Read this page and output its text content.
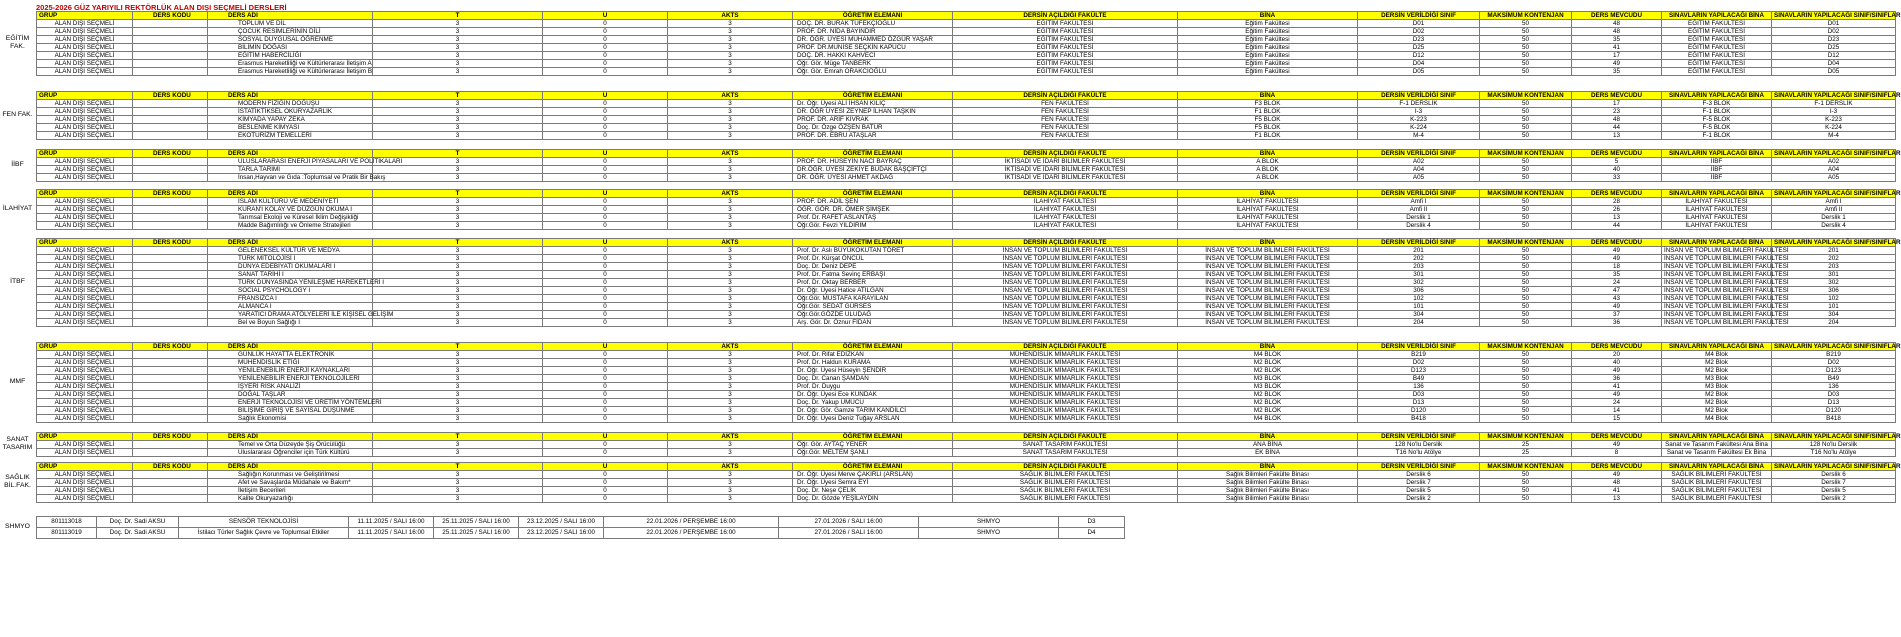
2025-2026 GÜZ YARIYILI REKTÖRLÜK ALAN DIŞI SEÇMELİ DERSLERİ
EĞİTİM FAK.
GRUP	DERS KODU	DERS ADI	T	U	AKTS	ÖĞRETİM ELEMANI	DERSİN AÇILDIĞI FAKÜLTE	BİNA	DERSİN VERİLDİĞİ SINIF	MAKSİMUM KONTENJAN	DERS MEVCUDU	SINAVLARIN YAPILACAĞI BİNA	SINAVLARIN YAPILACAĞI SINIF/SINIFLAR
ALAN DIŞI SEÇMELİ		TOPLUM VE DİL	3	0	3	DOÇ. DR. BURAK TÜFEKÇİOĞLU	EĞİTİM FAKÜLTESİ	Eğitim Fakültesi	D01	50	48	EĞİTİM FAKÜLTESİ	D01
ALAN DIŞI SEÇMELİ		ÇOCUK RESİMLERİNİN DİLİ	3	0	3	PROF. DR. NİDA BAYINDIR	EĞİTİM FAKÜLTESİ	Eğitim Fakültesi	D02	50	48	EĞİTİM FAKÜLTESİ	D02
ALAN DIŞI SEÇMELİ		SOSYAL DUYGUSAL ÖĞRENME	3	0	3	DR. ÖĞR. ÜYESİ MUHAMMED ÖZGÜR YAŞAR	EĞİTİM FAKÜLTESİ	Eğitim Fakültesi	D23	50	35	EĞİTİM FAKÜLTESİ	D23
ALAN DIŞI SEÇMELİ		BİLİMİN DOĞASI	3	0	3	PROF. DR.MUNİSE SEÇKİN KAPUCU	EĞİTİM FAKÜLTESİ	Eğitim Fakültesi	D25	50	41	EĞİTİM FAKÜLTESİ	D25
ALAN DIŞI SEÇMELİ		EĞİTİM HABERCİLİĞİ	3	0	3	DOÇ. DR. HAKKI KAHVECİ	EĞİTİM FAKÜLTESİ	Eğitim Fakültesi	D12	50	17	EĞİTİM FAKÜLTESİ	D12
ALAN DIŞI SEÇMELİ		Erasmus Hareketliliği ve Kültürlerarası İletişim A	3	0	3	Öğr. Gör. Müge TANBERK	EĞİTİM FAKÜLTESİ	Eğitim Fakültesi	D04	50	49	EĞİTİM FAKÜLTESİ	D04
ALAN DIŞI SEÇMELİ		Erasmus Hareketliliği ve Kültürlerarası İletişim B	3	0	3	Öğr. Gör. Emrah ORAKCIOĞLU	EĞİTİM FAKÜLTESİ	Eğitim Fakültesi	D05	50	35	EĞİTİM FAKÜLTESİ	D05
FEN FAK.
GRUP	DERS KODU	DERS ADI	T	U	AKTS	ÖĞRETİM ELEMANI	DERSİN AÇILDIĞI FAKÜLTE	BİNA	DERSİN VERİLDİĞİ SINIF	MAKSİMUM KONTENJAN	DERS MEVCUDU	SINAVLARIN YAPILACAĞI BİNA	SINAVLARIN YAPILACAĞI SINIF/SINIFLAR
ALAN DIŞI SEÇMELİ		MODERN FİZİĞİN DOĞUŞU	3	0	3	Dr. Öğr. Üyesi ALİ İHSAN KILIÇ	FEN FAKÜLTESİ	F3 BLOK	F-1 DERSLİK	50	17	F-3 BLOK	F-1 DERSLİK
ALAN DIŞI SEÇMELİ		İSTATİKTİKSEL OKURYAZARLIK	3	0	3	DR. ÖĞR ÜYESİ ZEYNEP İLHAN TAŞKIN	FEN FAKÜLTESİ	F1 BLOK	I-3	50	23	F-1 BLOK	I-3
ALAN DIŞI SEÇMELİ		KİMYADA YAPAY ZEKA	3	0	3	PROF. DR. ARİF KIVRAK	FEN FAKÜLTESİ	F5 BLOK	K-223	50	48	F-5 BLOK	K-223
ALAN DIŞI SEÇMELİ		BESLENME KİMYASI	3	0	3	Doç. Dr. Özge ÖZŞEN BATUR	FEN FAKÜLTESİ	F5 BLOK	K-224	50	44	F-5 BLOK	K-224
ALAN DIŞI SEÇMELİ		EKOTURİZM TEMELLERİ	3	0	3	PROF. DR. EBRU ATAŞLAR	FEN FAKÜLTESİ	F1 BLOK	M-4	50	13	F-1 BLOK	M-4
İİBF
GRUP	DERS KODU	DERS ADI	T	U	AKTS	ÖĞRETİM ELEMANI	DERSİN AÇILDIĞI FAKÜLTE	BİNA	DERSİN VERİLDİĞİ SINIF	MAKSİMUM KONTENJAN	DERS MEVCUDU	SINAVLARIN YAPILACAĞI BİNA	SINAVLARIN YAPILACAĞI SINIF/SINIFLAR
ALAN DIŞI SEÇMELİ		ULUSLARARASI ENERJİ PİYASALARI VE POLİTİKALARI	3	0	3	PROF. DR. HÜSEYİN NACİ BAYRAÇ	İKTİSADİ VE İDARİ BİLİMLER FAKÜLTESİ	A BLOK	A02	50	5	İİBF	A02
ALAN DIŞI SEÇMELİ		TARLA TARIMI	3	0	3	DR.ÖĞR. ÜYESİ ZEKİYE BUDAK BAŞÇİFTÇİ	İKTİSADİ VE İDARİ BİLİMLER FAKÜLTESİ	A BLOK	A04	50	40	İİBF	A04
ALAN DIŞI SEÇMELİ		İnsan,Hayvan ve Gıda :Toplumsal ve Pratik Bir Bakış	3	0	3	DR. ÖĞR. ÜYESİ AHMET AKDAĞ	İKTİSADİ VE İDARİ BİLİMLER FAKÜLTESİ	A BLOK	A05	50	33	İİBF	A05
İLAHİYAT
GRUP	DERS KODU	DERS ADI	T	U	AKTS	ÖĞRETİM ELEMANI	DERSİN AÇILDIĞI FAKÜLTE	BİNA	DERSİN VERİLDİĞİ SINIF	MAKSİMUM KONTENJAN	DERS MEVCUDU	SINAVLARIN YAPILACAĞI BİNA	SINAVLARIN YAPILACAĞI SINIF/SINIFLAR
ALAN DIŞI SEÇMELİ		İSLAM KÜLTÜRÜ VE MEDENİYETİ	3	0	3	PROF. DR. ADİL ŞEN	İLAHİYAT FAKÜLTESİ	İLAHİYAT FAKÜLTESİ	Amfi I	50	28	İLAHİYAT FAKÜLTESİ	Amfi I
ALAN DIŞI SEÇMELİ		KURAN'I KOLAY VE DÜZGÜN OKUMA I	3	0	3	ÖĞR. GÖR. DR. ÖMER ŞİMŞEK	İLAHİYAT FAKÜLTESİ	İLAHİYAT FAKÜLTESİ	Amfi II	50	26	İLAHİYAT FAKÜLTESİ	Amfi II
ALAN DIŞI SEÇMELİ		Tarımsal Ekoloji ve Küresel İklim Değişikliği	3	0	3	Prof. Dr. RAFET ASLANTAŞ	İLAHİYAT FAKÜLTESİ	İLAHİYAT FAKÜLTESİ	Derslik 1	50	13	İLAHİYAT FAKÜLTESİ	Derslik 1
ALAN DIŞI SEÇMELİ		Madde Bağımlılığı ve Önleme Stratejileri	3	0	3	Öğr.Gör. Fevzi YILDIRIM	İLAHİYAT FAKÜLTESİ	İLAHİYAT FAKÜLTESİ	Derslik 4	50	44	İLAHİYAT FAKÜLTESİ	Derslik 4
İTBF
GRUP	DERS KODU	DERS ADI	T	U	AKTS	ÖĞRETİM ELEMANI	DERSİN AÇILDIĞI FAKÜLTE	BİNA	DERSİN VERİLDİĞİ SINIF	MAKSİMUM KONTENJAN	DERS MEVCUDU	SINAVLARIN YAPILACAĞI BİNA	SINAVLARIN YAPILACAĞI SINIF/SINIFLAR
ALAN DIŞI SEÇMELİ		GELENEKSEL KÜLTÜR VE MEDYA	3	0	3	Prof. Dr. Aslı BÜYÜKOKUTAN TÖRET	İNSAN VE TOPLUM BİLİMLERİ FAKÜLTESİ	İNSAN VE TOPLUM BİLİMLERİ FAKÜLTESİ	201	50	49	İNSAN VE TOPLUM BİLİMLERİ FAKÜLTESİ	201
ALAN DIŞI SEÇMELİ		TÜRK MİTOLOJİSİ I	3	0	3	Prof. Dr. Kürşat ÖNCÜL	İNSAN VE TOPLUM BİLİMLERİ FAKÜLTESİ	İNSAN VE TOPLUM BİLİMLERİ FAKÜLTESİ	202	50	49	İNSAN VE TOPLUM BİLİMLERİ FAKÜLTESİ	202
ALAN DIŞI SEÇMELİ		DÜNYA EDEBİYATI OKUMALARI I	3	0	3	Doç. Dr. Deniz DEPE	İNSAN VE TOPLUM BİLİMLERİ FAKÜLTESİ	İNSAN VE TOPLUM BİLİMLERİ FAKÜLTESİ	203	50	18	İNSAN VE TOPLUM BİLİMLERİ FAKÜLTESİ	203
ALAN DIŞI SEÇMELİ		SANAT TARİHİ I	3	0	3	Prof. Dr. Fatma Sevinç ERBAŞI	İNSAN VE TOPLUM BİLİMLERİ FAKÜLTESİ	İNSAN VE TOPLUM BİLİMLERİ FAKÜLTESİ	301	50	35	İNSAN VE TOPLUM BİLİMLERİ FAKÜLTESİ	301
ALAN DIŞI SEÇMELİ		TÜRK DÜNYASINDA YENİLEŞME HAREKETLERİ I	3	0	3	Prof. Dr. Oktay BERBER	İNSAN VE TOPLUM BİLİMLERİ FAKÜLTESİ	İNSAN VE TOPLUM BİLİMLERİ FAKÜLTESİ	302	50	24	İNSAN VE TOPLUM BİLİMLERİ FAKÜLTESİ	302
ALAN DIŞI SEÇMELİ		SOCIAL PSYCHOLOGY I	3	0	3	Dr. Öğr. Üyesi Hatice ATILGAN	İNSAN VE TOPLUM BİLİMLERİ FAKÜLTESİ	İNSAN VE TOPLUM BİLİMLERİ FAKÜLTESİ	306	50	47	İNSAN VE TOPLUM BİLİMLERİ FAKÜLTESİ	306
ALAN DIŞI SEÇMELİ		FRANSIZCA I	3	0	3	Öğr.Gör. MUSTAFA KARAYILAN	İNSAN VE TOPLUM BİLİMLERİ FAKÜLTESİ	İNSAN VE TOPLUM BİLİMLERİ FAKÜLTESİ	102	50	43	İNSAN VE TOPLUM BİLİMLERİ FAKÜLTESİ	102
ALAN DIŞI SEÇMELİ		ALMANCA I	3	0	3	Öğr.Gör. SEDAT GÜRSES	İNSAN VE TOPLUM BİLİMLERİ FAKÜLTESİ	İNSAN VE TOPLUM BİLİMLERİ FAKÜLTESİ	101	50	49	İNSAN VE TOPLUM BİLİMLERİ FAKÜLTESİ	101
ALAN DIŞI SEÇMELİ		YARATICI DRAMA ATÖLYELERİ İLE KİŞİSEL GELİŞİM	3	0	3	Öğr.Gör.GÖZDE ULUDAĞ	İNSAN VE TOPLUM BİLİMLERİ FAKÜLTESİ	İNSAN VE TOPLUM BİLİMLERİ FAKÜLTESİ	304	50	37	İNSAN VE TOPLUM BİLİMLERİ FAKÜLTESİ	304
ALAN DIŞI SEÇMELİ		Bel ve Boyun Sağlığı I	3	0	3	Arş. Gör. Dr. Öznur FİDAN	İNSAN VE TOPLUM BİLİMLERİ FAKÜLTESİ	İNSAN VE TOPLUM BİLİMLERİ FAKÜLTESİ	204	50	36	İNSAN VE TOPLUM BİLİMLERİ FAKÜLTESİ	204
MMF
GRUP	DERS KODU	DERS ADI	T	U	AKTS	ÖĞRETİM ELEMANI	DERSİN AÇILDIĞI FAKÜLTE	BİNA	DERSİN VERİLDİĞİ SINIF	MAKSİMUM KONTENJAN	DERS MEVCUDU	SINAVLARIN YAPILACAĞI BİNA	SINAVLARIN YAPILACAĞI SINIF/SINIFLAR
ALAN DIŞI SEÇMELİ		GÜNLÜK HAYATTA ELEKTRONİK	3	0	3	Prof. Dr. Rifat EDİZKAN	MÜHENDİSLİK MİMARLIK FAKÜLTESİ	M4 BLOK	B219	50	20	M4 Blok	B219
ALAN DIŞI SEÇMELİ		MÜHENDİSLİK ETİĞİ	3	0	3	Prof. Dr. Haldun KURAMA	MÜHENDİSLİK MİMARLIK FAKÜLTESİ	M2 BLOK	D02	50	40	M2 Blok	D02
ALAN DIŞI SEÇMELİ		YENİLENEBİLİR ENERJİ KAYNAKLARI	3	0	3	Dr. Öğr. Üyesi Hüseyin ŞENDİR	MÜHENDİSLİK MİMARLIK FAKÜLTESİ	M2 BLOK	D123	50	49	M2 Blok	D123
ALAN DIŞI SEÇMELİ		YENİLENEBİLİR ENERJİ TEKNOLOJİLERİ	3	0	3	Doç. Dr. Canan ŞAMDAN	MÜHENDİSLİK MİMARLIK FAKÜLTESİ	M3 BLOK	B49	50	36	M3 Blok	B49
ALAN DIŞI SEÇMELİ		İŞYERİ RİSK ANALİZİ	3	0	3	Prof. Dr. Duygu	MÜHENDİSLİK MİMARLIK FAKÜLTESİ	M3 BLOK	136	50	41	M3 Blok	136
ALAN DIŞI SEÇMELİ		DOĞAL TAŞLAR	3	0	3	Dr. Öğr. Üyesi Ece KUNDAK	MÜHENDİSLİK MİMARLIK FAKÜLTESİ	M2 BLOK	D03	50	49	M2 Blok	D03
ALAN DIŞI SEÇMELİ		ENERJİ TEKNOLOJİSİ VE ÜRETİM YÖNTEMLERİ	3	0	3	Doç. Dr. Yakup UMUCU	MÜHENDİSLİK MİMARLIK FAKÜLTESİ	M2 BLOK	D13	50	24	M2 Blok	D13
ALAN DIŞI SEÇMELİ		BİLİŞİME GİRİŞ VE SAYISAL DÜŞÜNME	3	0	3	Dr. Öğr. Gör. Gamze TARIM KANDİLCİ	MÜHENDİSLİK MİMARLIK FAKÜLTESİ	M2 BLOK	D120	50	14	M2 Blok	D120
ALAN DIŞI SEÇMELİ		Sağlık Ekonomisi	3	0	3	Dr. Öğr. Üyesi Deniz Tuğay ARSLAN	MÜHENDİSLİK MİMARLIK FAKÜLTESİ	M4 BLOK	B418	50	15	M4 Blok	B418
SANAT TASARIM
GRUP	DERS KODU	DERS ADI	T	U	AKTS	ÖĞRETİM ELEMANI	DERSİN AÇILDIĞI FAKÜLTE	BİNA	DERSİN VERİLDİĞİ SINIF	MAKSİMUM KONTENJAN	DERS MEVCUDU	SINAVLARIN YAPILACAĞI BİNA	SINAVLARIN YAPILACAĞI SINIF/SINIFLAR
ALAN DIŞI SEÇMELİ		Temel ve Orta Düzeyde Şiş Örücülüğü	3	0	3	Öğr. Gör. AYTAÇ YENER	SANAT TASARIM FAKÜLTESİ	ANA BİNA	128 No'lu Derslik	25	49	Sanat ve Tasarım Fakültesi Ana Bina	128 No'lu Derslik
ALAN DIŞI SEÇMELİ		Uluslararası Öğrenciler için Türk Kültürü	3	0	3	Öğr.Gör. MELTEM ŞANLI	SANAT TASARIM FAKÜLTESİ	EK BİNA	T16 No'lu Atölye	25	8	Sanat ve Tasarım Fakültesi Ek Bina	T16 No'lu Atölye
SAĞLIK BİL.FAK.
GRUP	DERS KODU	DERS ADI	T	U	AKTS	ÖĞRETİM ELEMANI	DERSİN AÇILDIĞI FAKÜLTE	BİNA	DERSİN VERİLDİĞİ SINIF	MAKSİMUM KONTENJAN	DERS MEVCUDU	SINAVLARIN YAPILACAĞI BİNA	SINAVLARIN YAPILACAĞI SINIF/SINIFLAR
ALAN DIŞI SEÇMELİ		Sağlığın Korunması ve Geliştirilmesi	3	0	3	Dr. Öğr. Üyesi Merve ÇAKIRLI (ARSLAN)	SAĞLIK BİLİMLERİ FAKÜLTESİ	Sağlık Bilimleri Fakülte Binası	Derslik 6	50	49	SAĞLIK BİLİMLERİ FAKÜLTESİ	Derslik 6
ALAN DIŞI SEÇMELİ		Afet ve Savaşlarda Müdahale ve Bakım*	3	0	3	Dr. Öğr. Üyesi Semra EYİ	SAĞLIK BİLİMLERİ FAKÜLTESİ	Sağlık Bilimleri Fakülte Binası	Derslik 7	50	48	SAĞLIK BİLİMLERİ FAKÜLTESİ	Derslik 7
ALAN DIŞI SEÇMELİ		İletişim Becerileri	3	0	3	Doç. Dr. Neşe ÇELİK	SAĞLIK BİLİMLERİ FAKÜLTESİ	Sağlık Bilimleri Fakülte Binası	Derslik 5	50	41	SAĞLIK BİLİMLERİ FAKÜLTESİ	Derslik 5
ALAN DIŞI SEÇMELİ		Kalite Okuryazarlığı	3	0	3	Doç. Dr. Gözde YEŞİLAYDIN	SAĞLIK BİLİMLERİ FAKÜLTESİ	Sağlık Bilimleri Fakülte Binası	Derslik 2	50	13	SAĞLIK BİLİMLERİ FAKÜLTESİ	Derslik 2
SHMYO
801113018	Doç. Dr. Sadi AKSU	SENSÖR TEKNOLOJİSİ	11.11.2025 / SALI 16:00	25.11.2025 / SALI 16:00	23.12.2025 / SALI 16:00	22.01.2026 / PERŞEMBE 16:00	27.01.2026 / SALI 16:00	SHMYO	D3
801113019	Doç. Dr. Sadi AKSU	İstilacı Türler Sağlık Çevre ve Toplumsal Etkiler	11.11.2025 / SALI 16:00	25.11.2025 / SALI 16:00	23.12.2025 / SALI 16:00	22.01.2026 / PERŞEMBE 16:00	27.01.2026 / SALI 16:00	SHMYO	D4
